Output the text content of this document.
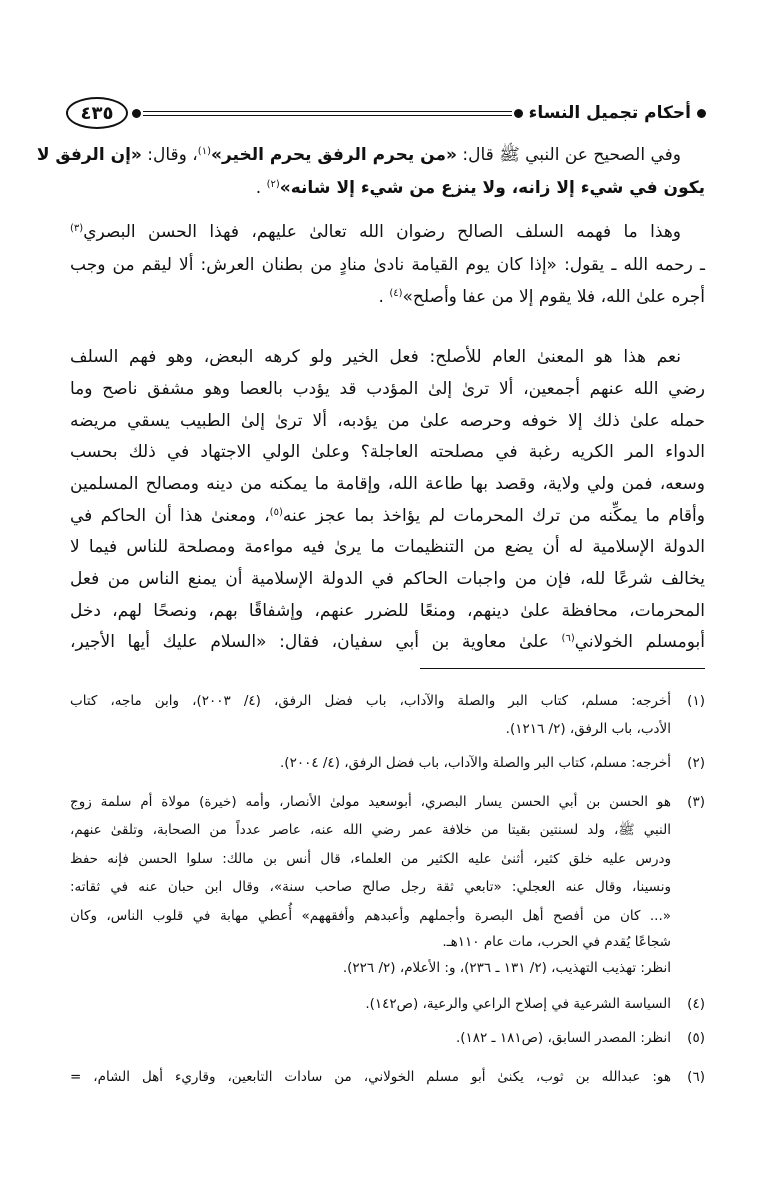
أحكام تجميل النساء
٤٣٥
وفي الصحيح عن النبي ﷺ قال: «من يحرم الرفق يحرم الخير»$^{(١)}$، وقال: «إن الرفق لا
يكون في شيء إلا زانه، ولا ينزع من شيء إلا شانه»$^{(٢)}$ .
وهذا ما فهمه السلف الصالح رضوان الله تعالىٰ عليهم، فهذا الحسن البصري$^{(٣)}$
ـ رحمه الله ـ يقول: «إذا كان يوم القيامة نادىٰ منادٍ من بطنان العرش: ألا ليقم من وجب
أجره علىٰ الله، فلا يقوم إلا من عفا وأصلح»$^{(٤)}$ .
نعم هذا هو المعنىٰ العام للأصلح: فعل الخير ولو كرهه البعض، وهو فهم السلف
رضي الله عنهم أجمعين، ألا ترىٰ إلىٰ المؤدب قد يؤدب بالعصا وهو مشفق ناصح وما
حمله علىٰ ذلك إلا خوفه وحرصه علىٰ من يؤدبه، ألا ترىٰ إلىٰ الطبيب يسقي مريضه
الدواء المر الكريه رغبة في مصلحته العاجلة؟ وعلىٰ الولي الاجتهاد في ذلك بحسب
وسعه، فمن ولي ولاية، وقصد بها طاعة الله، وإقامة ما يمكنه من دينه ومصالح المسلمين
وأقام ما يمكِّنه من ترك المحرمات لم يؤاخذ بما عجز عنه$^{(٥)}$، ومعنىٰ هذا أن الحاكم في
الدولة الإسلامية له أن يضع من التنظيمات ما يرىٰ فيه مواءمة ومصلحة للناس فيما لا
يخالف شرعًا لله، فإن من واجبات الحاكم في الدولة الإسلامية أن يمنع الناس من فعل
المحرمات، محافظة علىٰ دينهم، ومنعًا للضرر عنهم، وإشفاقًا بهم، ونصحًا لهم، دخل
أبومسلم الخولاني$^{(٦)}$ علىٰ معاوية بن أبي سفيان، فقال: «السلام عليك أيها الأجير،
(١)
أخرجه: مسلم، كتاب البر والصلة والآداب، باب فضل الرفق، (٤/ ٢٠٠٣)، وابن ماجه، كتاب
الأدب، باب الرفق، (٢/ ١٢١٦).
(٢)
أخرجه: مسلم، كتاب البر والصلة والآداب، باب فضل الرفق، (٤/ ٢٠٠٤).
(٣)
هو الحسن بن أبي الحسن يسار البصري، أبوسعيد مولىٰ الأنصار، وأمه (خيرة) مولاة أم سلمة زوج
النبي ﷺ، ولد لسنتين بقيتا من خلافة عمر رضي الله عنه، عاصر عدداً من الصحابة، وتلقىٰ عنهم،
ودرس عليه خلق كثير، أثنىٰ عليه الكثير من العلماء، قال أنس بن مالك: سلوا الحسن فإنه حفظ
ونسينا، وقال عنه العجلي: «تابعي ثقة رجل صالح صاحب سنة»، وقال ابن حبان عنه في ثقاته:
«... كان من أفصح أهل البصرة وأجملهم وأعبدهم وأفقههم» أُعطي مهابة في قلوب الناس، وكان
شجاعًا يُقدم في الحرب، مات عام ١١٠هـ.
انظر: تهذيب التهذيب، (٢/ ١٣١ ـ ٢٣٦)، و: الأعلام، (٢/ ٢٢٦).
(٤)
السياسة الشرعية في إصلاح الراعي والرعية، (ص١٤٢).
(٥)
انظر: المصدر السابق، (ص١٨١ ـ ١٨٢).
(٦)
هو: عبدالله بن ثوب، يكنىٰ أبو مسلم الخولاني، من سادات التابعين، وقاريء أهل الشام، =
